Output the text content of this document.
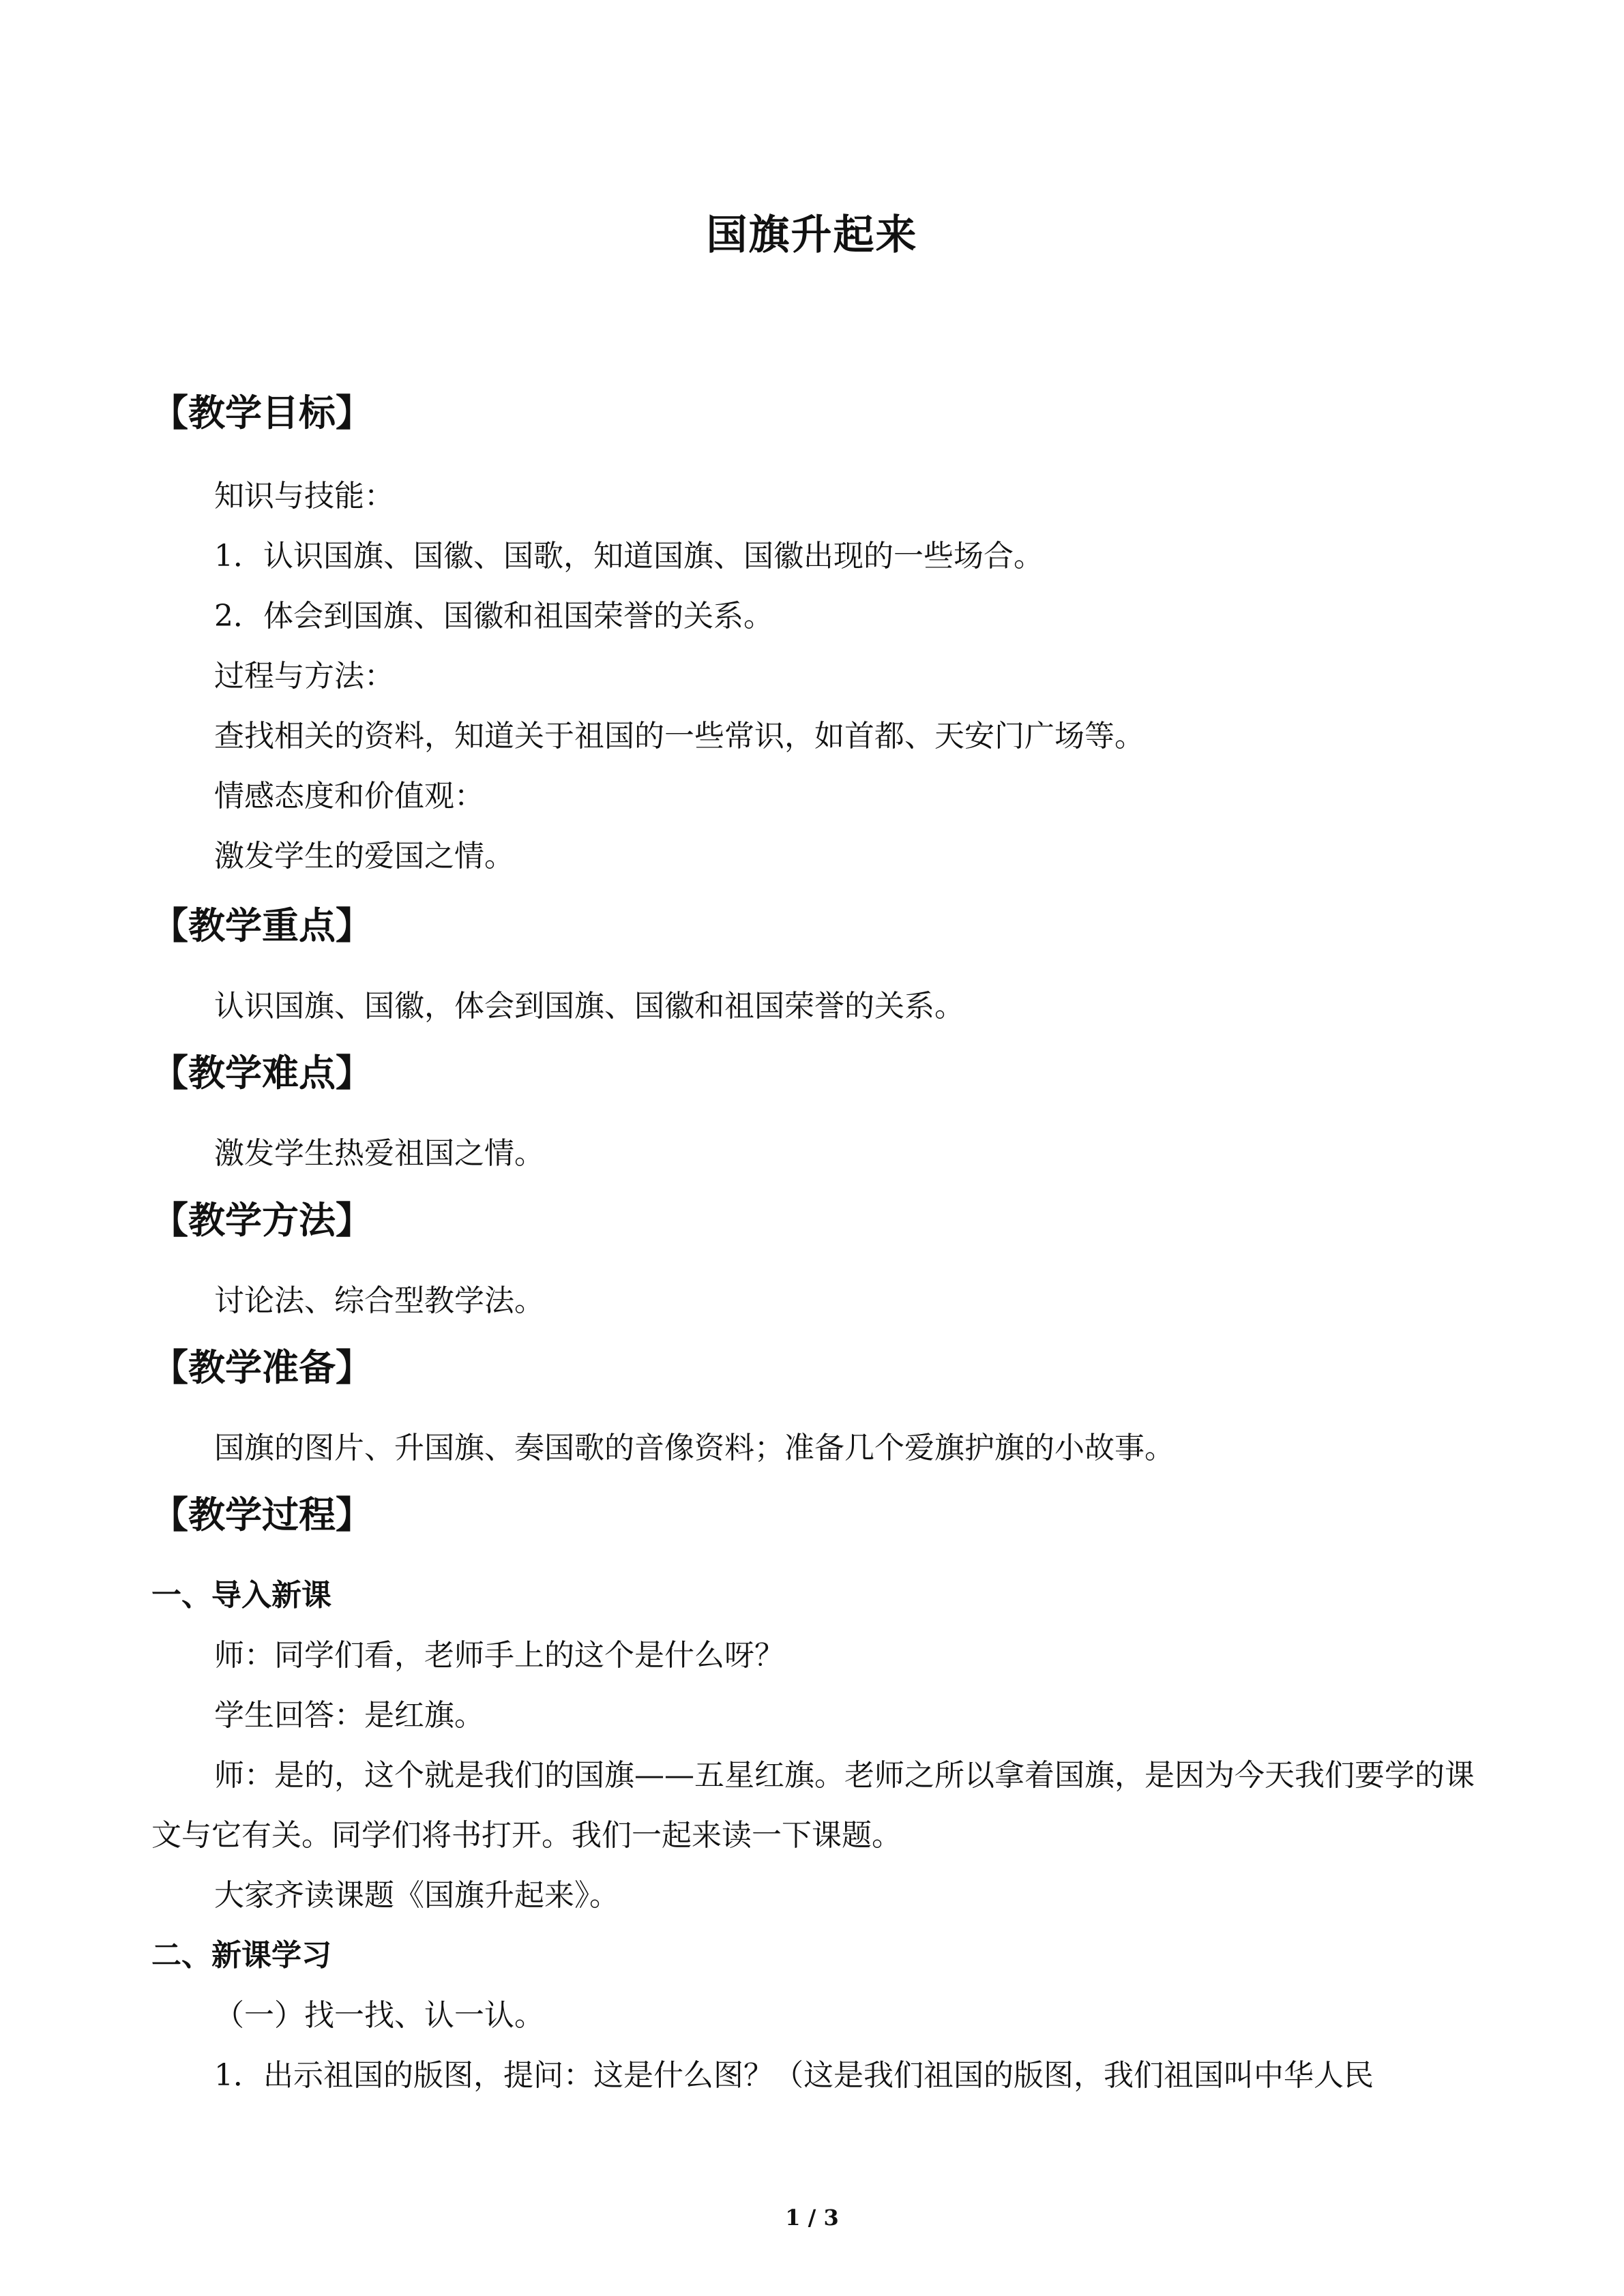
国旗升起来
【教学目标】
知识与技能：
1．认识国旗、国徽、国歌，知道国旗、国徽出现的一些场合。
2．体会到国旗、国徽和祖国荣誉的关系。
过程与方法：
查找相关的资料，知道关于祖国的一些常识，如首都、天安门广场等。
情感态度和价值观：
激发学生的爱国之情。
【教学重点】
认识国旗、国徽，体会到国旗、国徽和祖国荣誉的关系。
【教学难点】
激发学生热爱祖国之情。
【教学方法】
讨论法、综合型教学法。
【教学准备】
国旗的图片、升国旗、奏国歌的音像资料；准备几个爱旗护旗的小故事。
【教学过程】
一、导入新课
师：同学们看，老师手上的这个是什么呀？
学生回答：是红旗。
师：是的，这个就是我们的国旗——五星红旗。老师之所以拿着国旗，是因为今天我们要学的课文与它有关。同学们将书打开。我们一起来读一下课题。
大家齐读课题《国旗升起来》。
二、新课学习
（一）找一找、认一认。
1．出示祖国的版图，提问：这是什么图？（这是我们祖国的版图，我们祖国叫中华人民
1 / 3
